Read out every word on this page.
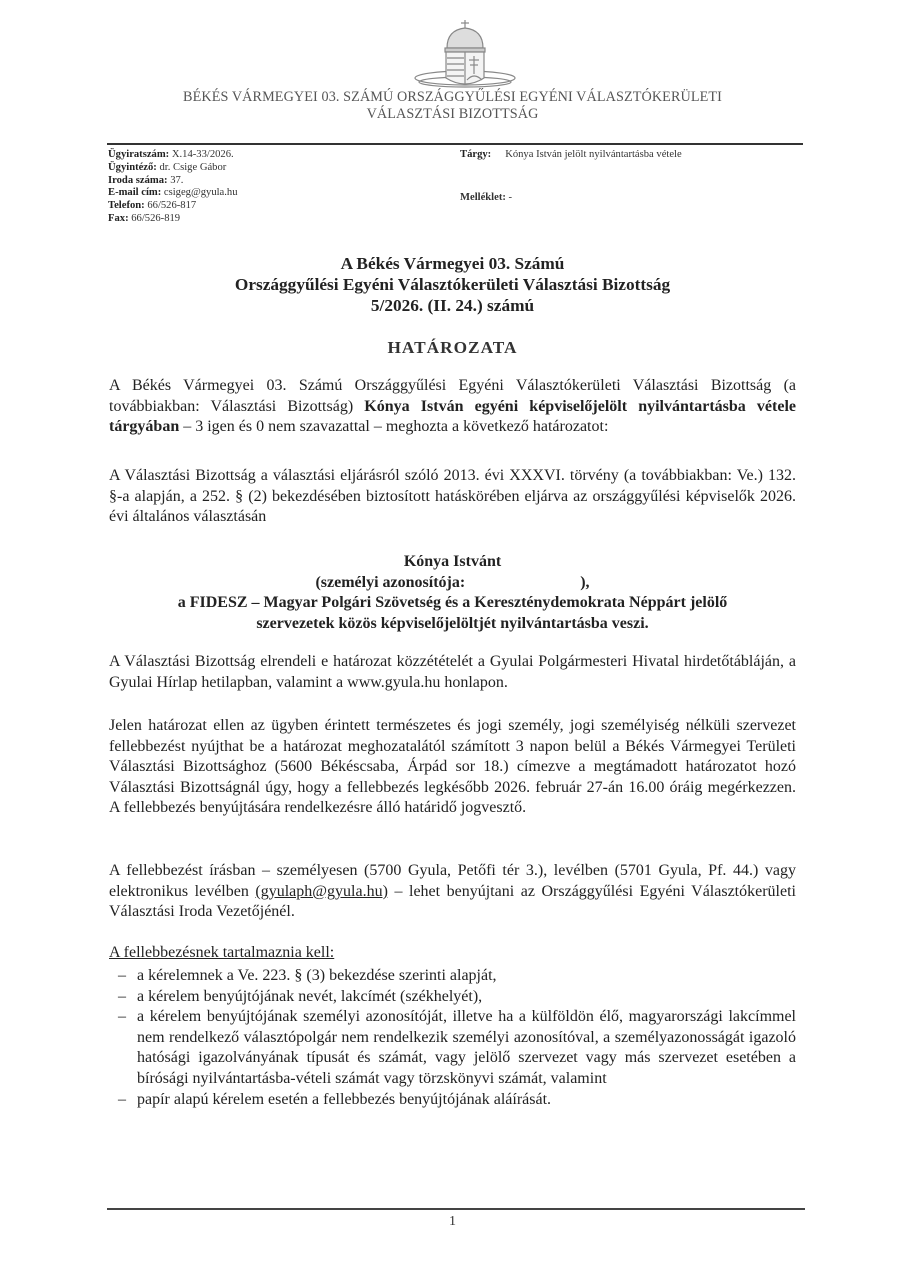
BÉKÉS VÁRMEGYEI 03. SZÁMÚ ORSZÁGGYŰLÉSI EGYÉNI VÁLASZTÓKERÜLETI
VÁLASZTÁSI BIZOTTSÁG
Ügyiratszám: X.14-33/2026.
Ügyintéző: dr. Csige Gábor
Iroda száma: 37.
E-mail cím: csigeg@gyula.hu
Telefon: 66/526-817
Fax: 66/526-819
Tárgy: Kónya István jelölt nyilvántartásba vétele
Melléklet: -
A Békés Vármegyei 03. Számú
Országgyűlési Egyéni Választókerületi Választási Bizottság
5/2026. (II. 24.) számú
HATÁROZATA
A Békés Vármegyei 03. Számú Országgyűlési Egyéni Választókerületi Választási Bizottság (a továbbiakban: Választási Bizottság) Kónya István egyéni képviselőjelölt nyilvántartásba vétele tárgyában – 3 igen és 0 nem szavazattal – meghozta a következő határozatot:
A Választási Bizottság a választási eljárásról szóló 2013. évi XXXVI. törvény (a továbbiakban: Ve.) 132. §-a alapján, a 252. § (2) bekezdésében biztosított hatáskörében eljárva az országgyűlési képviselők 2026. évi általános választásán
Kónya Istvánt
(személyi azonosítója:	),
a FIDESZ – Magyar Polgári Szövetség és a Kereszténydemokrata Néppárt jelölő
szervezetek közös képviselőjelöltjét nyilvántartásba veszi.
A Választási Bizottság elrendeli e határozat közzétételét a Gyulai Polgármesteri Hivatal hirdetőtábláján, a Gyulai Hírlap hetilapban, valamint a www.gyula.hu honlapon.
Jelen határozat ellen az ügyben érintett természetes és jogi személy, jogi személyiség nélküli szervezet fellebbezést nyújthat be a határozat meghozatalától számított 3 napon belül a Békés Vármegyei Területi Választási Bizottsághoz (5600 Békéscsaba, Árpád sor 18.) címezve a megtámadott határozatot hozó Választási Bizottságnál úgy, hogy a fellebbezés legkésőbb 2026. február 27-án 16.00 óráig megérkezzen. A fellebbezés benyújtására rendelkezésre álló határidő jogvesztő.
A fellebbezést írásban – személyesen (5700 Gyula, Petőfi tér 3.), levélben (5701 Gyula, Pf. 44.) vagy elektronikus levélben (gyulaph@gyula.hu) – lehet benyújtani az Országgyűlési Egyéni Választókerületi Választási Iroda Vezetőjénél.
A fellebbezésnek tartalmaznia kell:
– a kérelemnek a Ve. 223. § (3) bekezdése szerinti alapját,
– a kérelem benyújtójának nevét, lakcímét (székhelyét),
– a kérelem benyújtójának személyi azonosítóját, illetve ha a külföldön élő, magyarországi lakcímmel nem rendelkező választópolgár nem rendelkezik személyi azonosítóval, a személyazonosságát igazoló hatósági igazolványának típusát és számát, vagy jelölő szervezet vagy más szervezet esetében a bírósági nyilvántartásba-vételi számát vagy törzskönyvi számát, valamint
– papír alapú kérelem esetén a fellebbezés benyújtójának aláírását.
1
